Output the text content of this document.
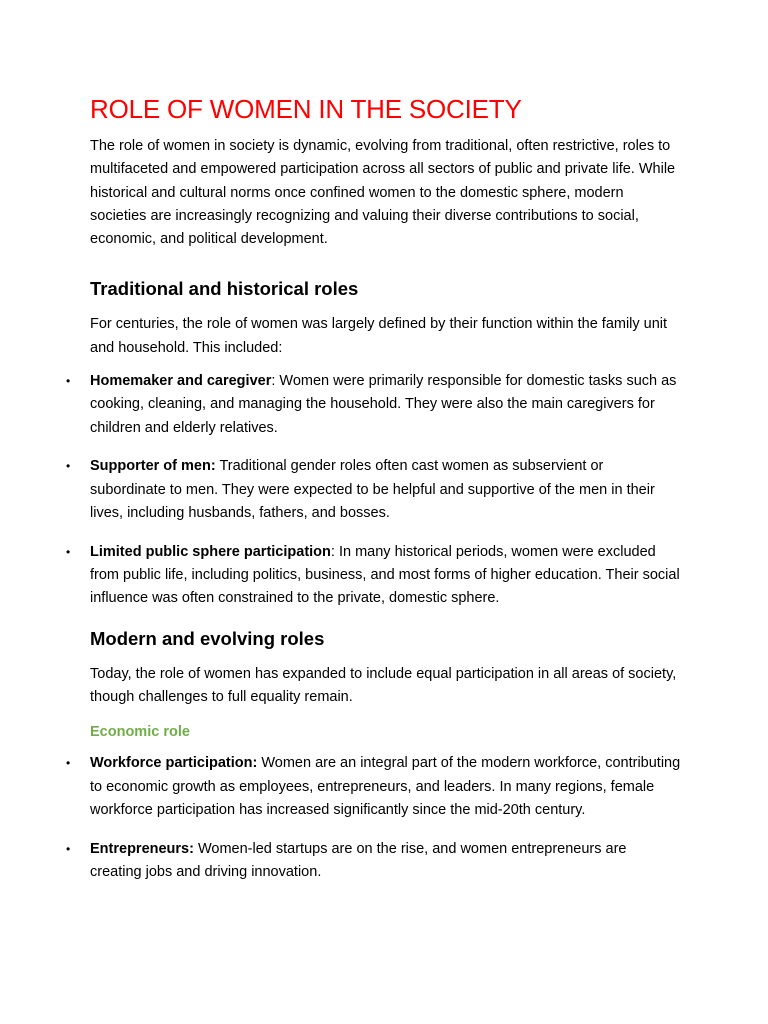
ROLE OF WOMEN IN THE SOCIETY

The role of women in society is dynamic, evolving from traditional, often restrictive, roles to multifaceted and empowered participation across all sectors of public and private life. While historical and cultural norms once confined women to the domestic sphere, modern societies are increasingly recognizing and valuing their diverse contributions to social, economic, and political development.

Traditional and historical roles

For centuries, the role of women was largely defined by their function within the family unit and household. This included:

• Homemaker and caregiver: Women were primarily responsible for domestic tasks such as cooking, cleaning, and managing the household. They were also the main caregivers for children and elderly relatives.
• Supporter of men: Traditional gender roles often cast women as subservient or subordinate to men. They were expected to be helpful and supportive of the men in their lives, including husbands, fathers, and bosses.
• Limited public sphere participation: In many historical periods, women were excluded from public life, including politics, business, and most forms of higher education. Their social influence was often constrained to the private, domestic sphere.
Modern and evolving roles

Today, the role of women has expanded to include equal participation in all areas of society, though challenges to full equality remain.

Economic role
• Workforce participation: Women are an integral part of the modern workforce, contributing to economic growth as employees, entrepreneurs, and leaders. In many regions, female workforce participation has increased significantly since the mid-20th century.
• Entrepreneurs: Women-led startups are on the rise, and women entrepreneurs are creating jobs and driving innovation.
